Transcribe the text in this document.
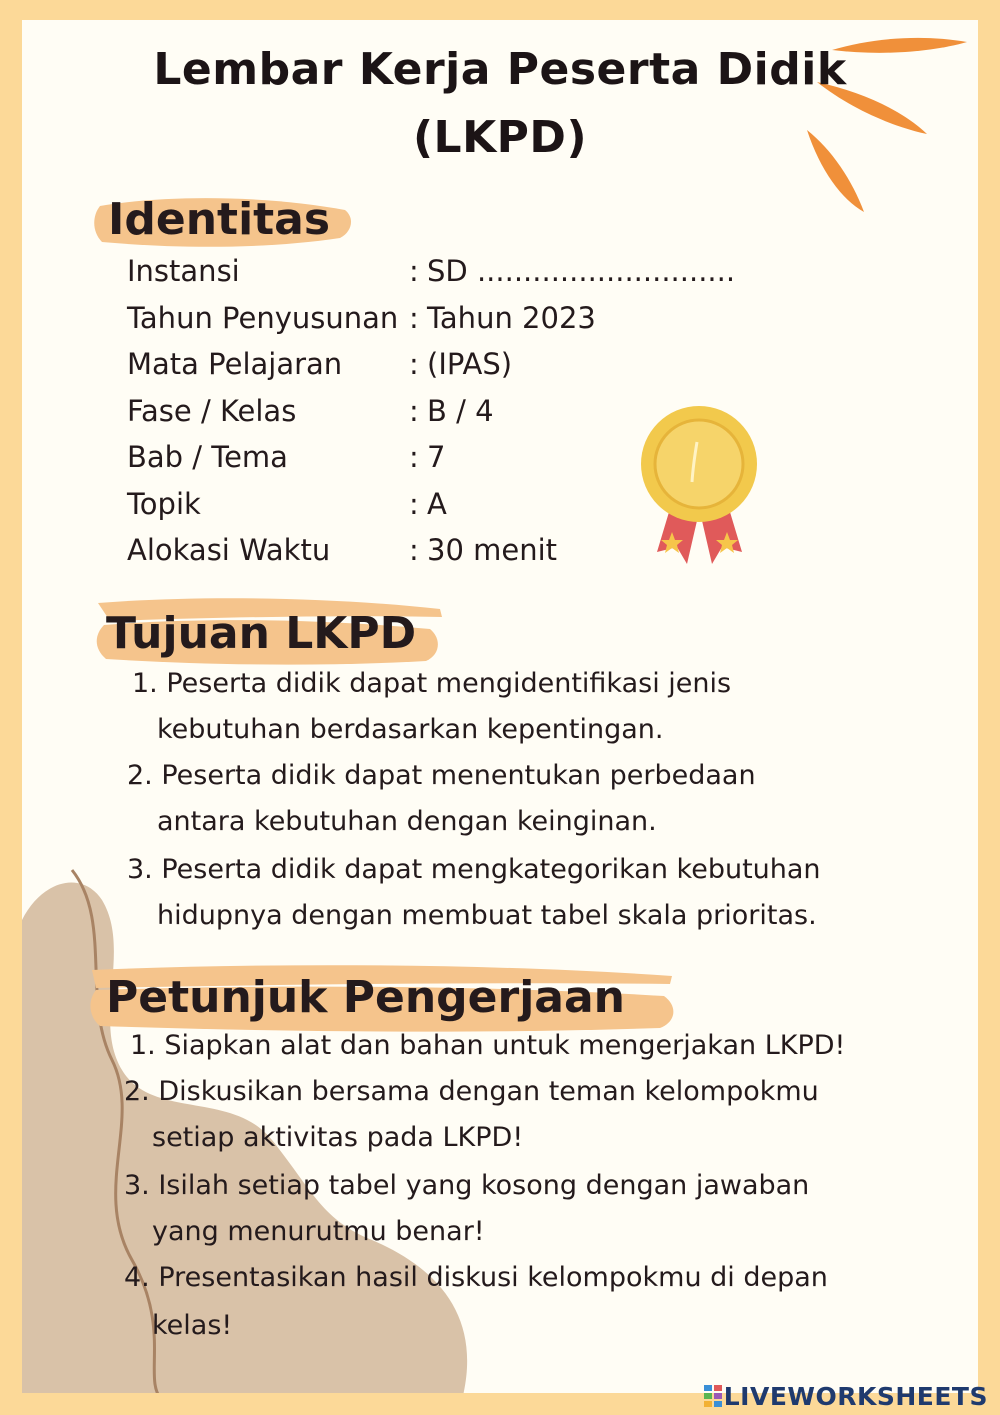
Lembar Kerja Peserta Didik
(LKPD)
Identitas
Tujuan LKPD
1. Peserta didik dapat mengidentifikasi jenis
kebutuhan berdasarkan kepentingan.
2. Peserta didik dapat menentukan perbedaan
antara kebutuhan dengan keinginan.
3. Peserta didik dapat mengkategorikan kebutuhan
hidupnya dengan membuat tabel skala prioritas.
Petunjuk Pengerjaan
1. Siapkan alat dan bahan untuk mengerjakan LKPD!
2. Diskusikan bersama dengan teman kelompokmu
setiap aktivitas pada LKPD!
3. Isilah setiap tabel yang kosong dengan jawaban
yang menurutmu benar!
4. Presentasikan hasil diskusi kelompokmu di depan
kelas!
Instansi	: SD ............................
Tahun Penyusunan : Tahun 2023
Mata Pelajaran : (IPAS)
Fase / Kelas	: B / 4
Bab / Tema	: 7
Topik	: A
Alokasi Waktu	: 30 menit
LIVEWORKSHEETS
